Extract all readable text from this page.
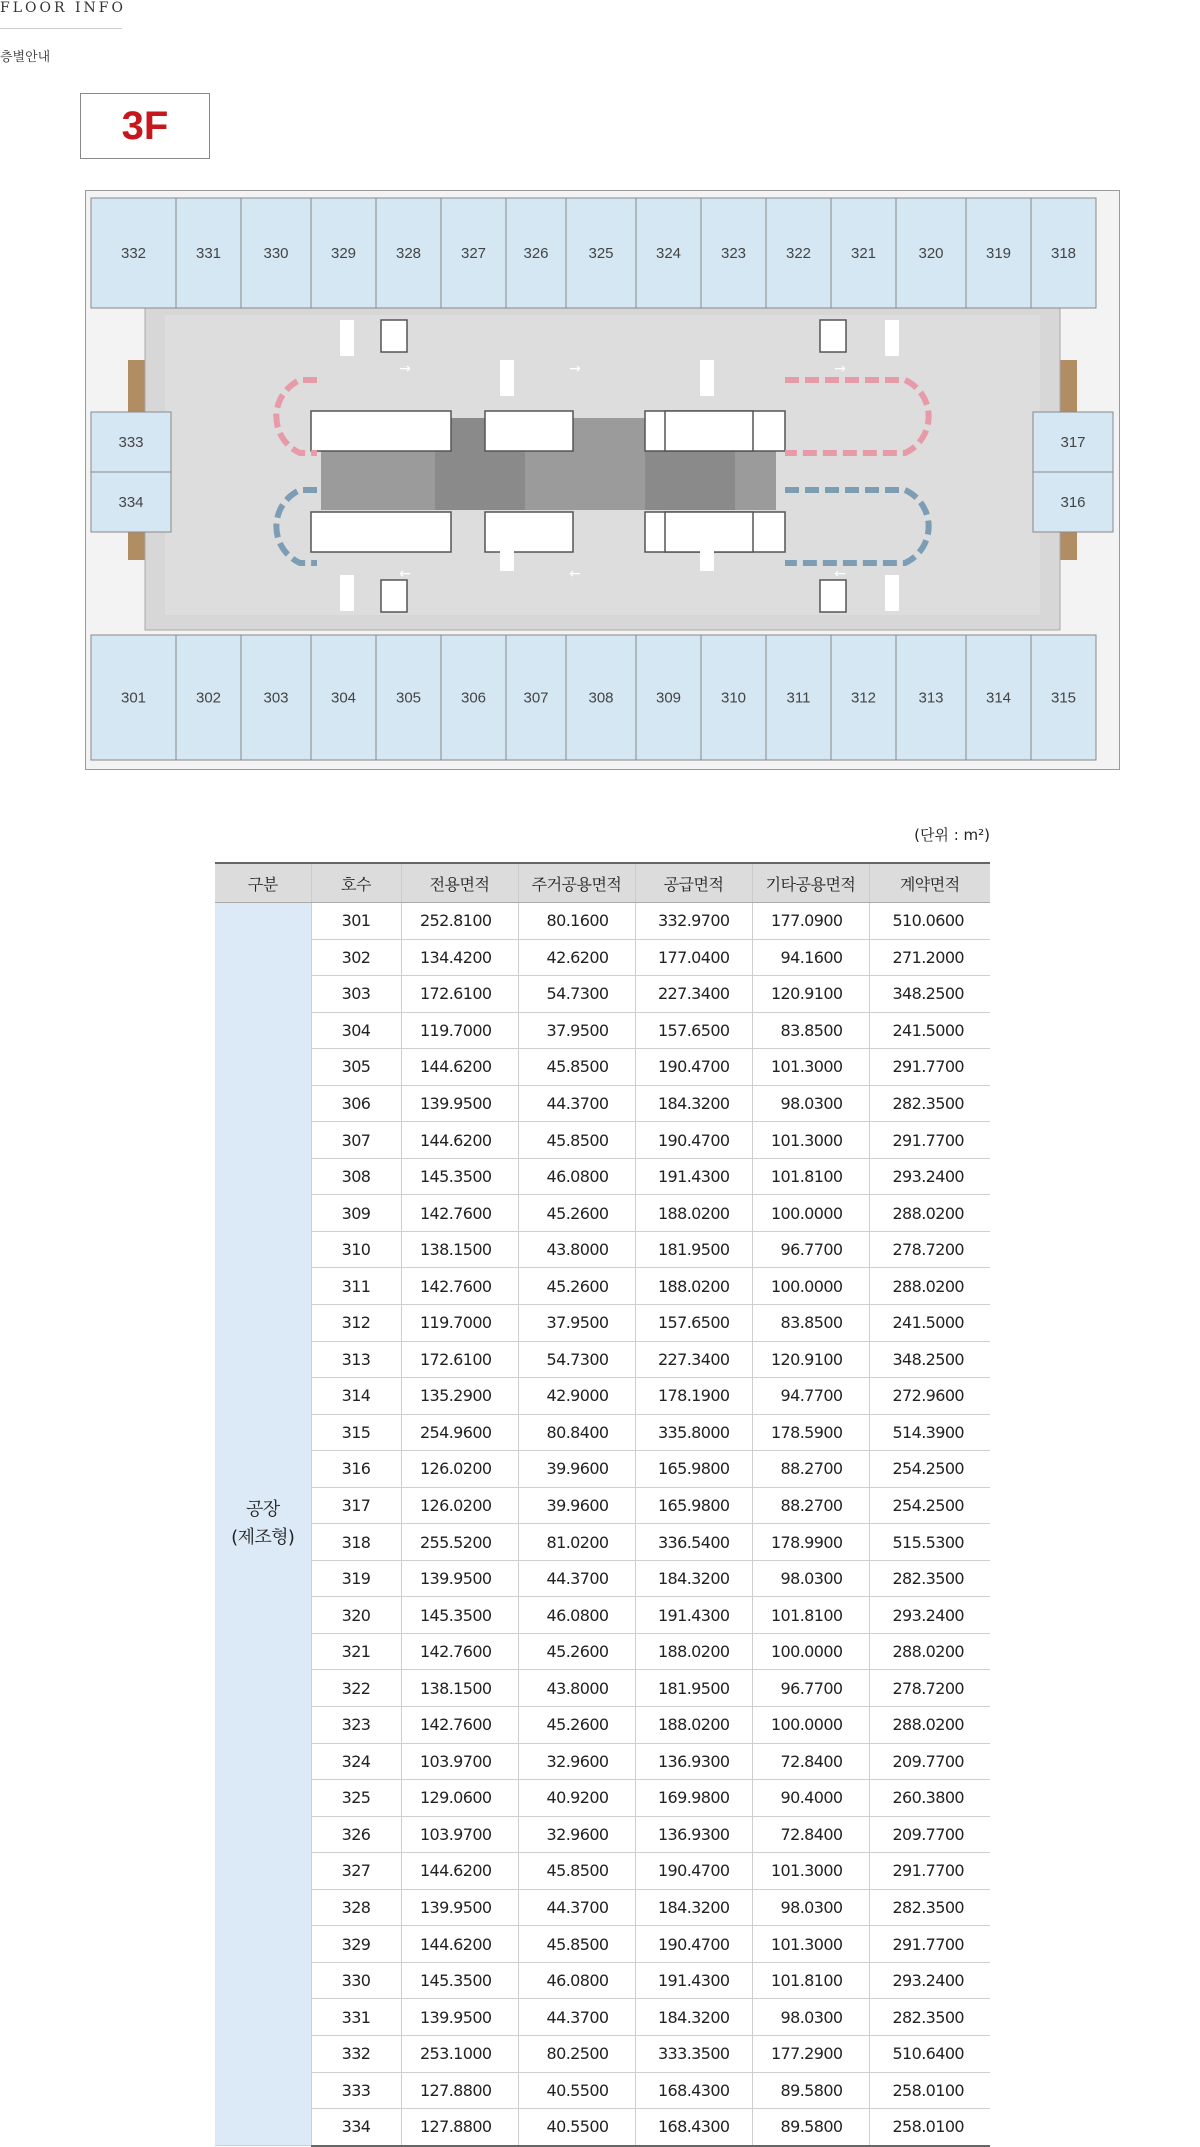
FLOOR INFO
층별안내
3F
→	→	→
←	←	←
332	331	330	329	328	327 326	325	324	323	322	321	320	319	318
301	302	303	304	305	306 307	308	309	310	311	312	313	314	315
333
334
317
316
(단위 : m²)
구분	호수	전용면적	주거공용면적	공급면적	기타공용면적	계약면적

공장
(제조형)	301	252.8100	80.1600	332.9700	177.0900	510.0600
	302	134.4200	42.6200	177.0400	94.1600	271.2000
	303	172.6100	54.7300	227.3400	120.9100	348.2500
	304	119.7000	37.9500	157.6500	83.8500	241.5000
	305	144.6200	45.8500	190.4700	101.3000	291.7700
	306	139.9500	44.3700	184.3200	98.0300	282.3500
	307	144.6200	45.8500	190.4700	101.3000	291.7700
	308	145.3500	46.0800	191.4300	101.8100	293.2400
	309	142.7600	45.2600	188.0200	100.0000	288.0200
	310	138.1500	43.8000	181.9500	96.7700	278.7200
	311	142.7600	45.2600	188.0200	100.0000	288.0200
	312	119.7000	37.9500	157.6500	83.8500	241.5000
	313	172.6100	54.7300	227.3400	120.9100	348.2500
	314	135.2900	42.9000	178.1900	94.7700	272.9600
	315	254.9600	80.8400	335.8000	178.5900	514.3900
	316	126.0200	39.9600	165.9800	88.2700	254.2500
	317	126.0200	39.9600	165.9800	88.2700	254.2500
	318	255.5200	81.0200	336.5400	178.9900	515.5300
	319	139.9500	44.3700	184.3200	98.0300	282.3500
	320	145.3500	46.0800	191.4300	101.8100	293.2400
	321	142.7600	45.2600	188.0200	100.0000	288.0200
	322	138.1500	43.8000	181.9500	96.7700	278.7200
	323	142.7600	45.2600	188.0200	100.0000	288.0200
	324	103.9700	32.9600	136.9300	72.8400	209.7700
	325	129.0600	40.9200	169.9800	90.4000	260.3800
	326	103.9700	32.9600	136.9300	72.8400	209.7700
	327	144.6200	45.8500	190.4700	101.3000	291.7700
	328	139.9500	44.3700	184.3200	98.0300	282.3500
	329	144.6200	45.8500	190.4700	101.3000	291.7700
	330	145.3500	46.0800	191.4300	101.8100	293.2400
	331	139.9500	44.3700	184.3200	98.0300	282.3500
	332	253.1000	80.2500	333.3500	177.2900	510.6400
	333	127.8800	40.5500	168.4300	89.5800	258.0100
	334	127.8800	40.5500	168.4300	89.5800	258.0100
